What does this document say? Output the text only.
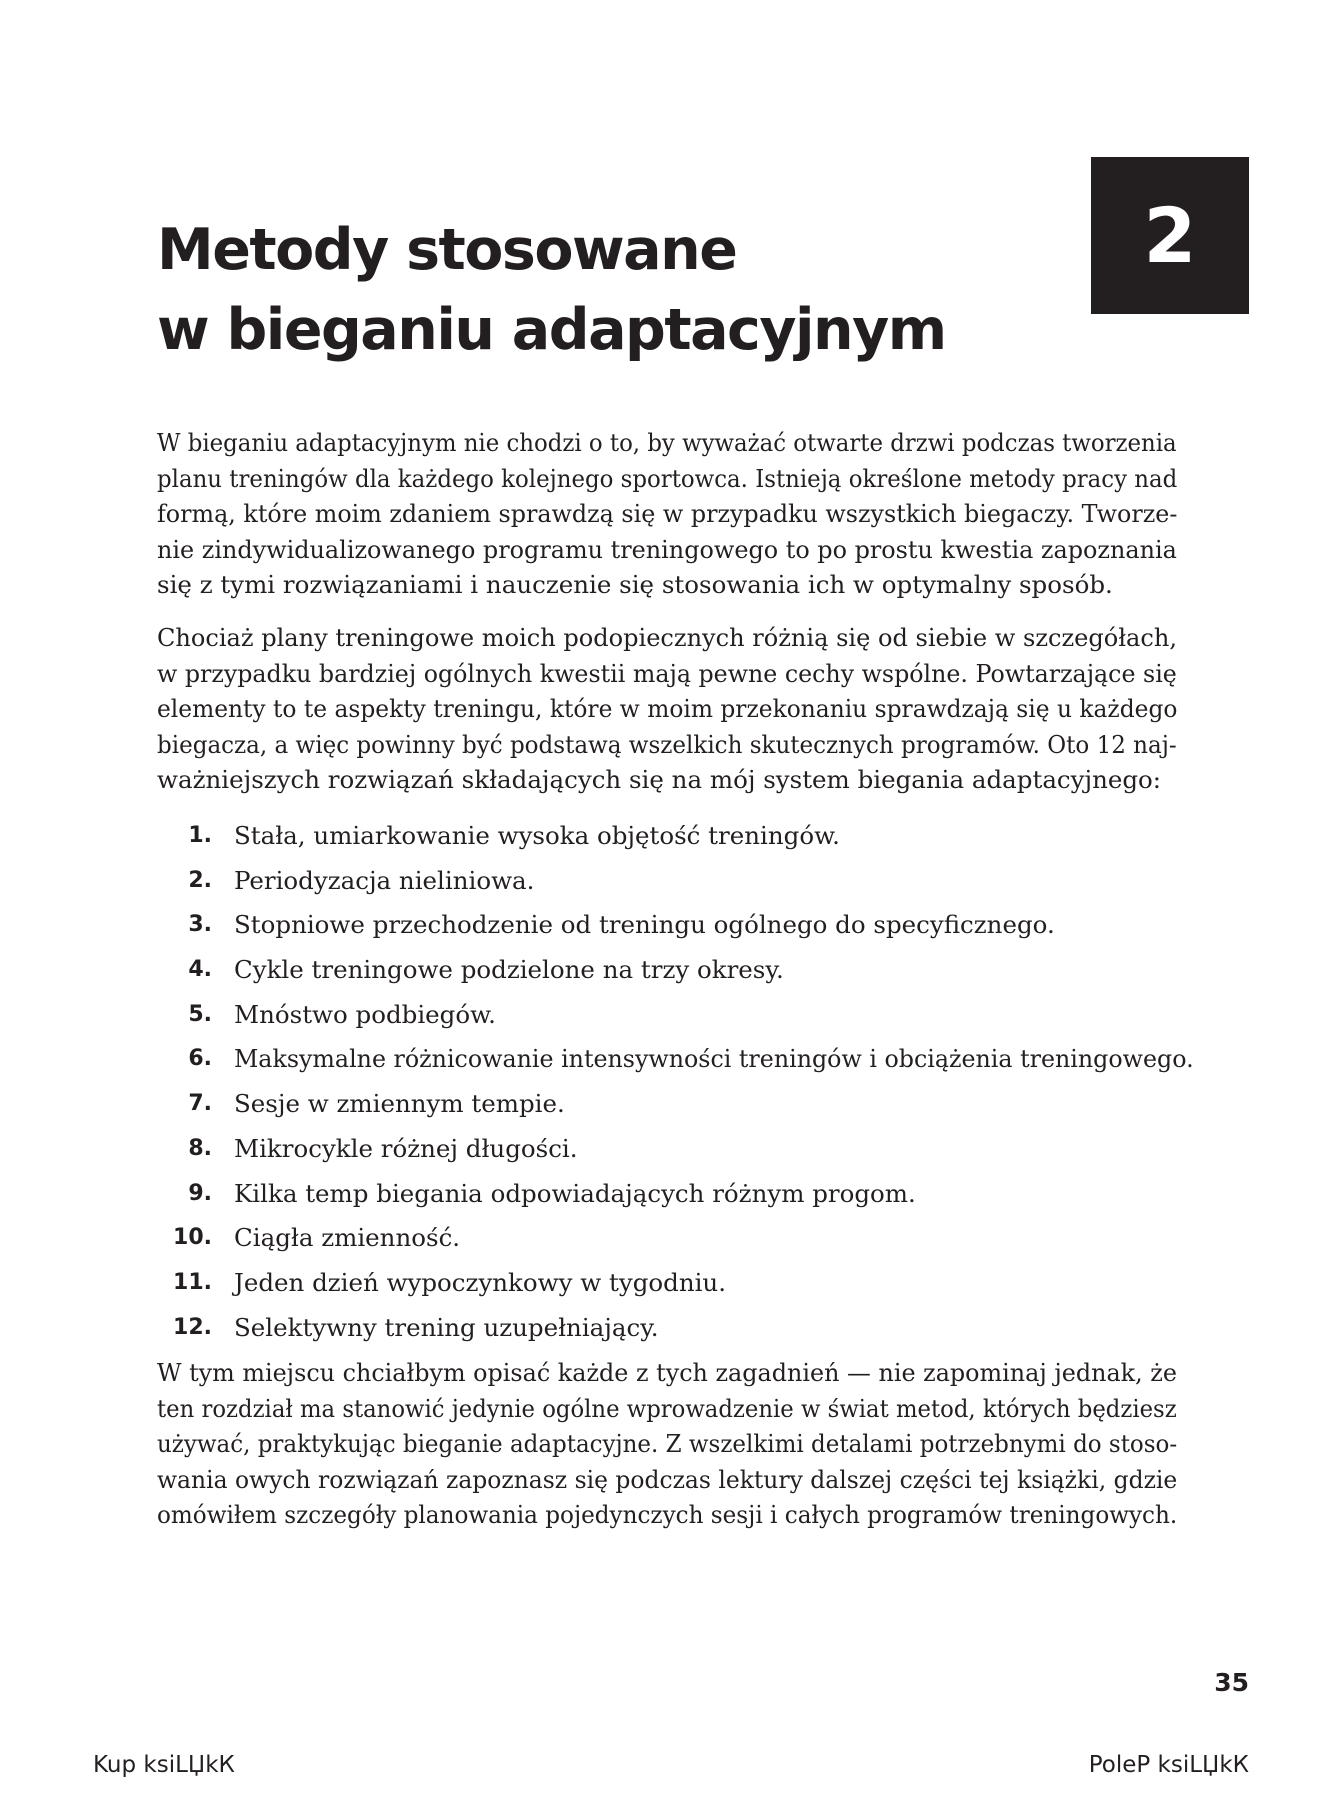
2
Metody stosowane
w bieganiu adaptacyjnym
W bieganiu adaptacyjnym nie chodzi o to, by wyważać otwarte drzwi podczas tworzenia
planu treningów dla każdego kolejnego sportowca. Istnieją określone metody pracy nad
formą, które moim zdaniem sprawdzą się w przypadku wszystkich biegaczy. Tworze-
nie zindywidualizowanego programu treningowego to po prostu kwestia zapoznania
się z tymi rozwiązaniami i nauczenie się stosowania ich w optymalny sposób.
Chociaż plany treningowe moich podopiecznych różnią się od siebie w szczegółach,
w przypadku bardziej ogólnych kwestii mają pewne cechy wspólne. Powtarzające się
elementy to te aspekty treningu, które w moim przekonaniu sprawdzają się u każdego
biegacza, a więc powinny być podstawą wszelkich skutecznych programów. Oto 12 naj-
ważniejszych rozwiązań składających się na mój system biegania adaptacyjnego:
1. Stała, umiarkowanie wysoka objętość treningów.
2. Periodyzacja nieliniowa.
3. Stopniowe przechodzenie od treningu ogólnego do specyficznego.
4. Cykle treningowe podzielone na trzy okresy.
5. Mnóstwo podbiegów.
6. Maksymalne różnicowanie intensywności treningów i obciążenia treningowego.
7. Sesje w zmiennym tempie.
8. Mikrocykle różnej długości.
9. Kilka temp biegania odpowiadających różnym progom.
10. Ciągła zmienność.
11. Jeden dzień wypoczynkowy w tygodniu.
12. Selektywny trening uzupełniający.
W tym miejscu chciałbym opisać każde z tych zagadnień — nie zapominaj jednak, że
ten rozdział ma stanowić jedynie ogólne wprowadzenie w świat metod, których będziesz
używać, praktykując bieganie adaptacyjne. Z wszelkimi detalami potrzebnymi do stoso-
wania owych rozwiązań zapoznasz się podczas lektury dalszej części tej książki, gdzie
omówiłem szczegóły planowania pojedynczych sesji i całych programów treningowych.
35
Kup ksiLЏkК	PoleР ksiLЏkК
